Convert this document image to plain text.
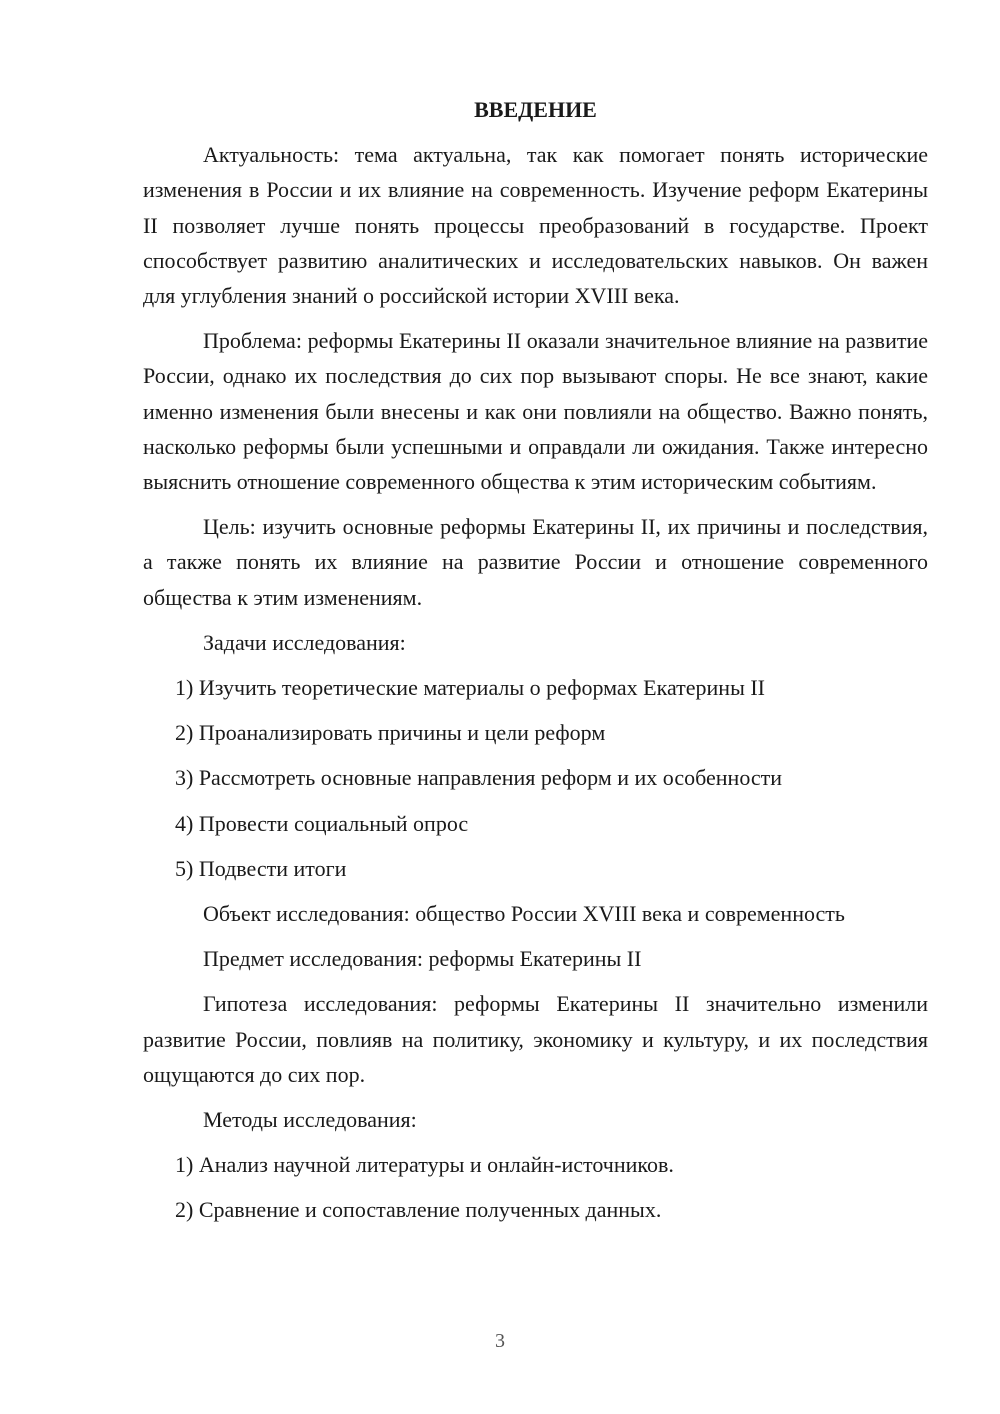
ВВЕДЕНИЕ

Актуальность: тема актуальна, так как помогает понять исторические изменения в России и их влияние на современность. Изучение реформ Екатерины II позволяет лучше понять процессы преобразований в государстве. Проект способствует развитию аналитических и исследовательских навыков. Он важен для углубления знаний о российской истории XVIII века.

Проблема: реформы Екатерины II оказали значительное влияние на развитие России, однако их последствия до сих пор вызывают споры. Не все знают, какие именно изменения были внесены и как они повлияли на общество. Важно понять, насколько реформы были успешными и оправдали ли ожидания. Также интересно выяснить отношение современного общества к этим историческим событиям.

Цель: изучить основные реформы Екатерины II, их причины и последствия, а также понять их влияние на развитие России и отношение современного общества к этим изменениям.

Задачи исследования:
1) Изучить теоретические материалы о реформах Екатерины II
2) Проанализировать причины и цели реформ
3) Рассмотреть основные направления реформ и их особенности
4) Провести социальный опрос
5) Подвести итоги
Объект исследования: общество России XVIII века и современность
Предмет исследования: реформы Екатерины II

Гипотеза исследования: реформы Екатерины II значительно изменили развитие России, повлияв на политику, экономику и культуру, и их последствия ощущаются до сих пор.

Методы исследования:
1) Анализ научной литературы и онлайн-источников.
2) Сравнение и сопоставление полученных данных.
3
